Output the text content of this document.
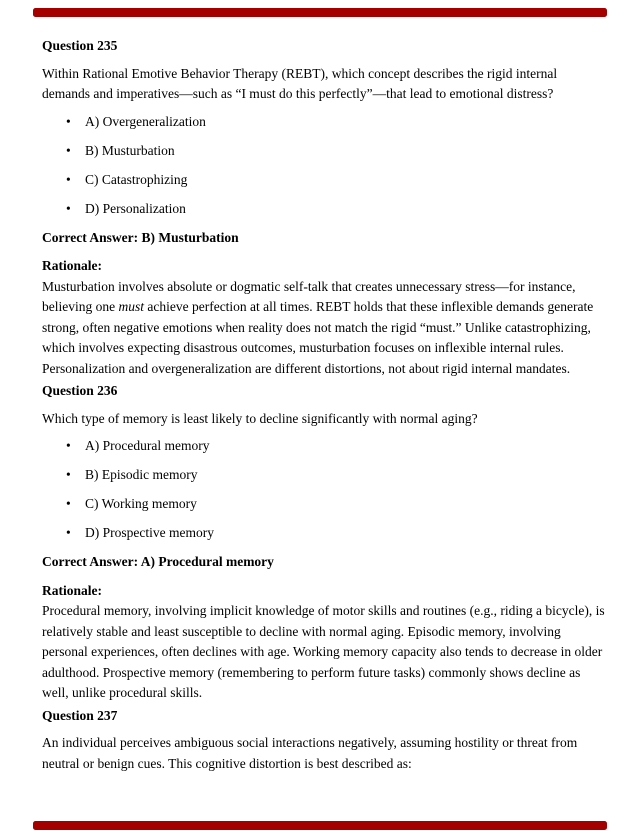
Question 235

Within Rational Emotive Behavior Therapy (REBT), which concept describes the rigid internal demands and imperatives—such as “I must do this perfectly”—that lead to emotional distress?

• A) Overgeneralization
• B) Musturbation
• C) Catastrophizing
• D) Personalization

Correct Answer: B) Musturbation

Rationale:
Musturbation involves absolute or dogmatic self-talk that creates unnecessary stress—for instance, believing one must achieve perfection at all times. REBT holds that these inflexible demands generate strong, often negative emotions when reality does not match the rigid “must.” Unlike catastrophizing, which involves expecting disastrous outcomes, musturbation focuses on inflexible internal rules. Personalization and overgeneralization are different distortions, not about rigid internal mandates.

Question 236

Which type of memory is least likely to decline significantly with normal aging?

• A) Procedural memory
• B) Episodic memory
• C) Working memory
• D) Prospective memory

Correct Answer: A) Procedural memory

Rationale:
Procedural memory, involving implicit knowledge of motor skills and routines (e.g., riding a bicycle), is relatively stable and least susceptible to decline with normal aging. Episodic memory, involving personal experiences, often declines with age. Working memory capacity also tends to decrease in older adulthood. Prospective memory (remembering to perform future tasks) commonly shows decline as well, unlike procedural skills.

Question 237

An individual perceives ambiguous social interactions negatively, assuming hostility or threat from neutral or benign cues. This cognitive distortion is best described as:
